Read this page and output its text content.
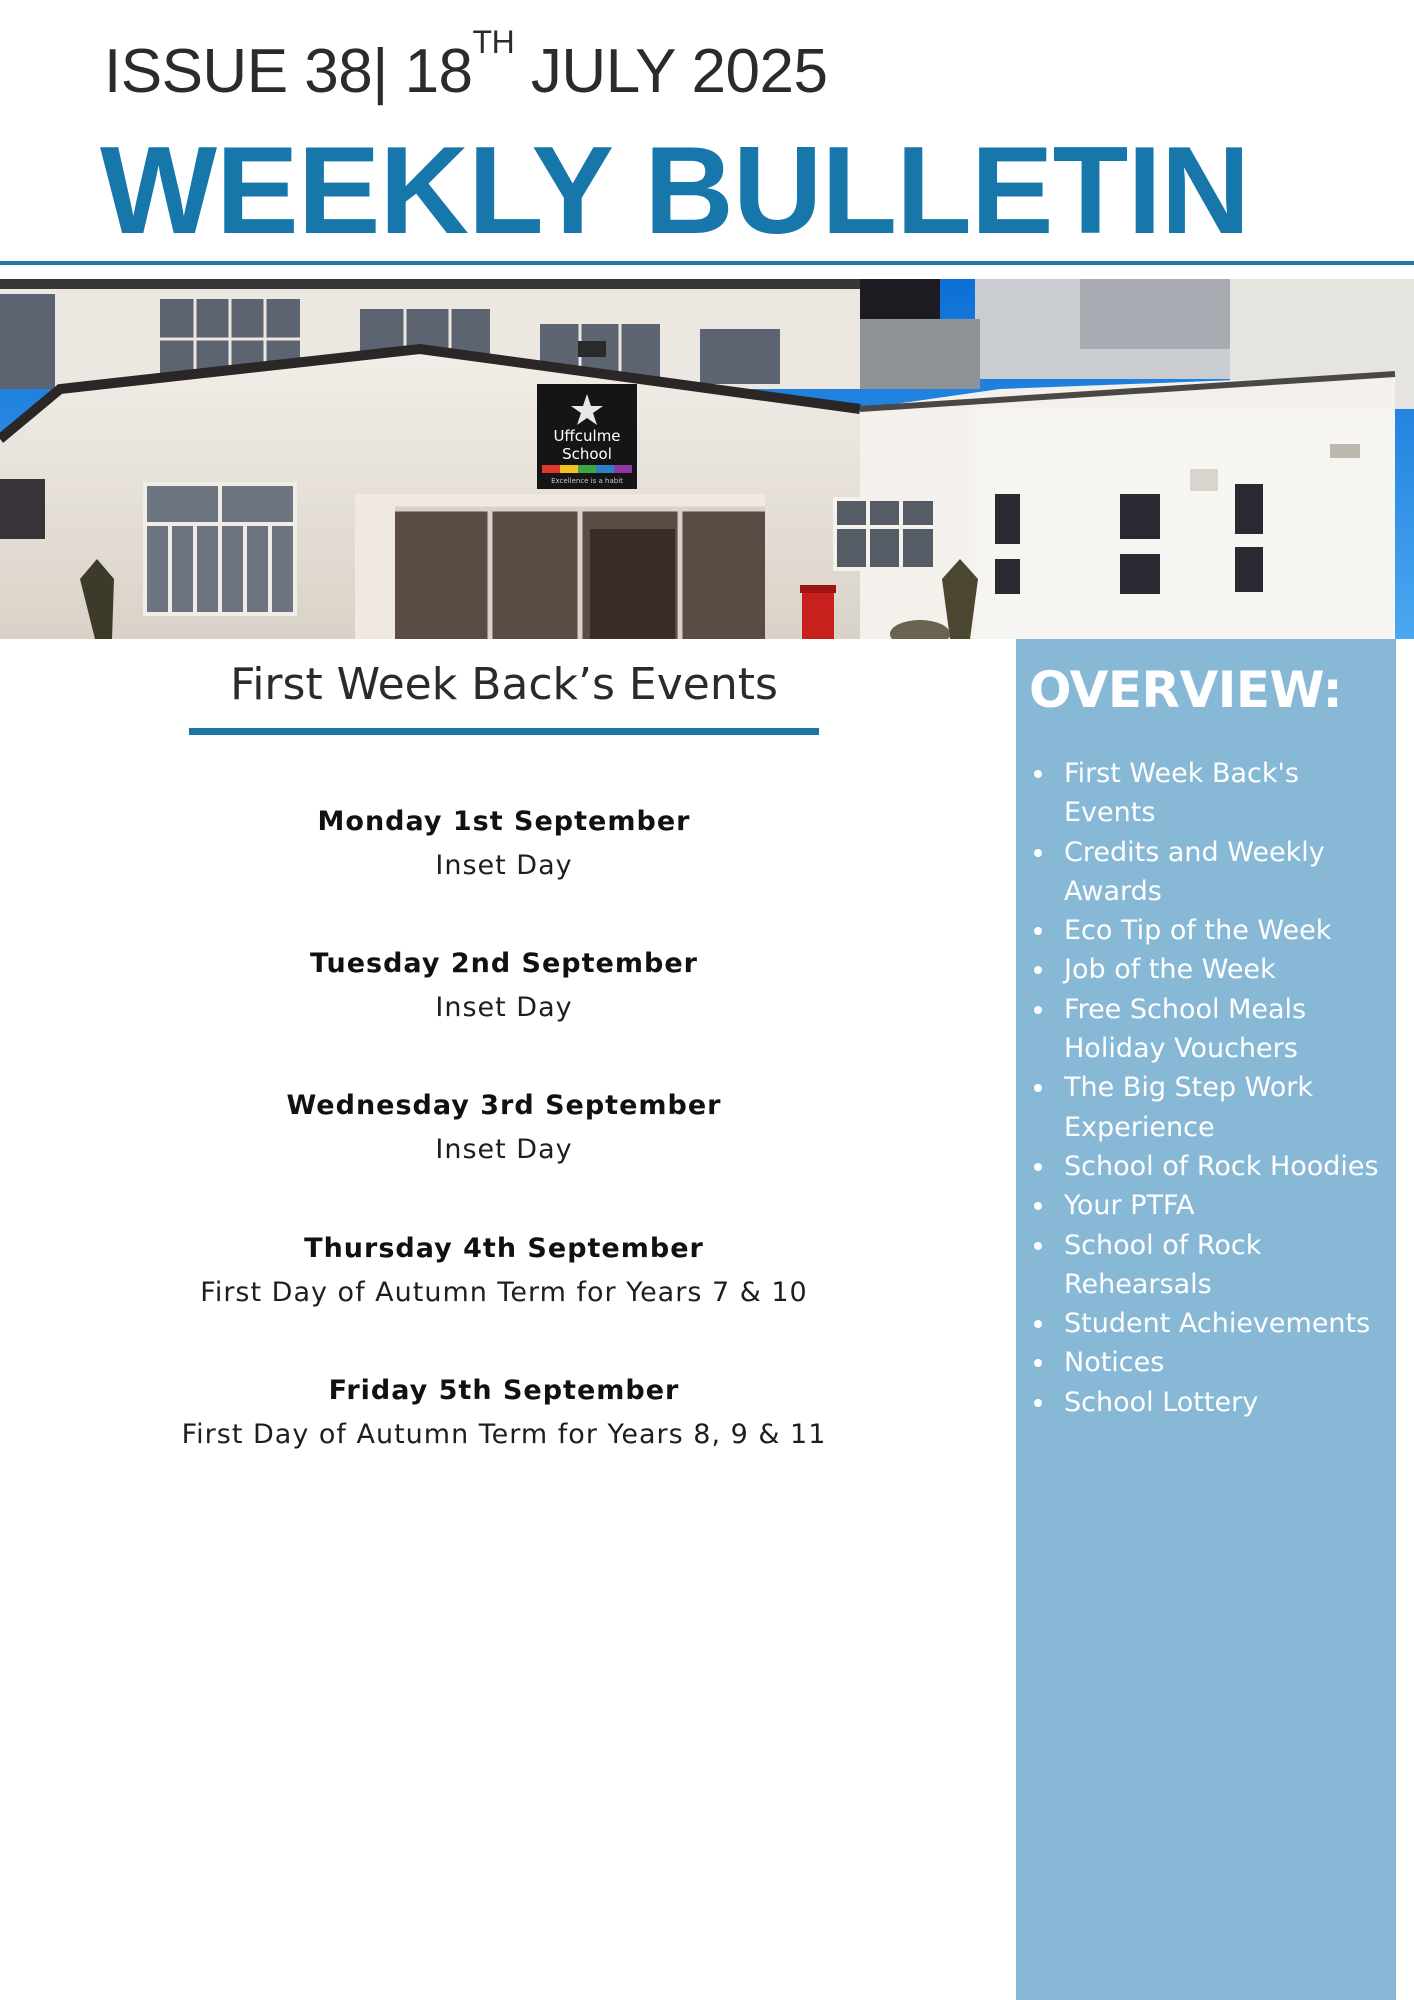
ISSUE 38| 18TH JULY 2025
WEEKLY BULLETIN
Uffculme
School
Excellence is a habit
First Week Back’s Events
Monday 1st September
Inset Day
Tuesday 2nd September
Inset Day
Wednesday 3rd September
Inset Day
Thursday 4th September
First Day of Autumn Term for Years 7 & 10
Friday 5th September
First Day of Autumn Term for Years 8, 9 & 11
OVERVIEW:
First Week Back's Events
Credits and Weekly Awards
Eco Tip of the Week
Job of the Week
Free School Meals Holiday Vouchers
The Big Step Work Experience
School of Rock Hoodies
Your PTFA
School of Rock Rehearsals
Student Achievements
Notices
School Lottery
